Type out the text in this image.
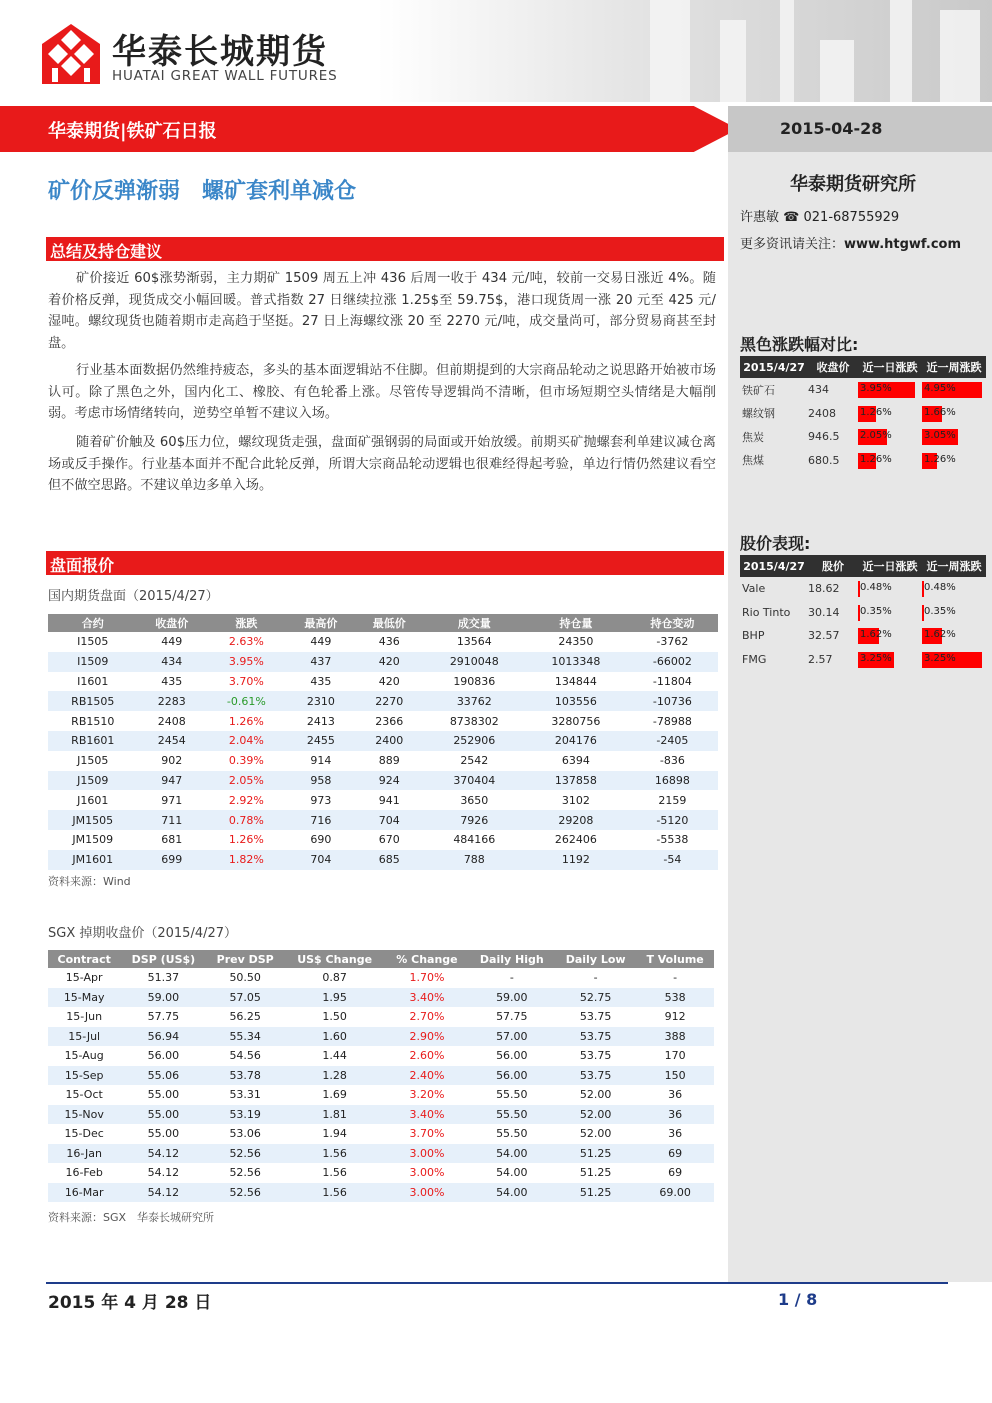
华泰长城期货
HUATAI GREAT WALL FUTURES
华泰期货|铁矿石日报	2015-04-28
矿价反弹渐弱　螺矿套利单减仓
总结及持仓建议
矿价接近 60$涨势渐弱，主力期矿 1509 周五上冲 436 后周一收于 434 元/吨，较前一交易日涨近 4%。随着价格反弹，现货成交小幅回暖。普式指数 27 日继续拉涨 1.25$至 59.75$，港口现货周一涨 20 元至 425 元/湿吨。螺纹现货也随着期市走高趋于坚挺。27 日上海螺纹涨 20 至 2270 元/吨，成交量尚可，部分贸易商甚至封盘。
行业基本面数据仍然维持疲态，多头的基本面逻辑站不住脚。但前期提到的大宗商品轮动之说思路开始被市场认可。除了黑色之外，国内化工、橡胶、有色轮番上涨。尽管传导逻辑尚不清晰，但市场短期空头情绪是大幅削弱。考虑市场情绪转向，逆势空单暂不建议入场。
随着矿价触及 60$压力位，螺纹现货走强，盘面矿强钢弱的局面或开始放缓。前期买矿抛螺套利单建议减仓离场或反手操作。行业基本面并不配合此轮反弹，所谓大宗商品轮动逻辑也很难经得起考验，单边行情仍然建议看空但不做空思路。不建议单边多单入场。
盘面报价
国内期货盘面（2015/4/27）
合约	收盘价	涨跌	最高价	最低价	成交量	持仓量	持仓变动
I1505	449	2.63%	449	436	13564	24350	-3762
I1509	434	3.95%	437	420	2910048	1013348	-66002
I1601	435	3.70%	435	420	190836	134844	-11804
RB1505	2283	-0.61%	2310	2270	33762	103556	-10736
RB1510	2408	1.26%	2413	2366	8738302	3280756	-78988
RB1601	2454	2.04%	2455	2400	252906	204176	-2405
J1505	902	0.39%	914	889	2542	6394	-836
J1509	947	2.05%	958	924	370404	137858	16898
J1601	971	2.92%	973	941	3650	3102	2159
JM1505	711	0.78%	716	704	7926	29208	-5120
JM1509	681	1.26%	690	670	484166	262406	-5538
JM1601	699	1.82%	704	685	788	1192	-54
资料来源：Wind
SGX 掉期收盘价（2015/4/27）
Contract	DSP (US$)	Prev DSP	US$ Change	% Change	Daily High	Daily Low	T Volume
15-Apr	51.37	50.50	0.87	1.70%	-	-	-
15-May	59.00	57.05	1.95	3.40%	59.00	52.75	538
15-Jun	57.75	56.25	1.50	2.70%	57.75	53.75	912
15-Jul	56.94	55.34	1.60	2.90%	57.00	53.75	388
15-Aug	56.00	54.56	1.44	2.60%	56.00	53.75	170
15-Sep	55.06	53.78	1.28	2.40%	56.00	53.75	150
15-Oct	55.00	53.31	1.69	3.20%	55.50	52.00	36
15-Nov	55.00	53.19	1.81	3.40%	55.50	52.00	36
15-Dec	55.00	53.06	1.94	3.70%	55.50	52.00	36
16-Jan	54.12	52.56	1.56	3.00%	54.00	51.25	69
16-Feb	54.12	52.56	1.56	3.00%	54.00	51.25	69
16-Mar	54.12	52.56	1.56	3.00%	54.00	51.25	69.00
资料来源：SGX　华泰长城研究所
华泰期货研究所
许惠敏 ☎ 021-68755929
更多资讯请关注：www.htgwf.com
黑色涨跌幅对比:
2015/4/27	收盘价	近一日涨跌	近一周涨跌
铁矿石	434	3.95%	4.95%

螺纹钢	2408	1.26%	1.66%

焦炭	946.5	2.05%	3.05%

焦煤	680.5	1.26%	1.26%
股价表现:
2015/4/27	股价	近一日涨跌	近一周涨跌
Vale	18.62	0.48%	0.48%

Rio Tinto	30.14	0.35%	0.35%

BHP	32.57	1.62%	1.62%

FMG	2.57	3.25%	3.25%
2015 年 4 月 28 日	1 / 8
